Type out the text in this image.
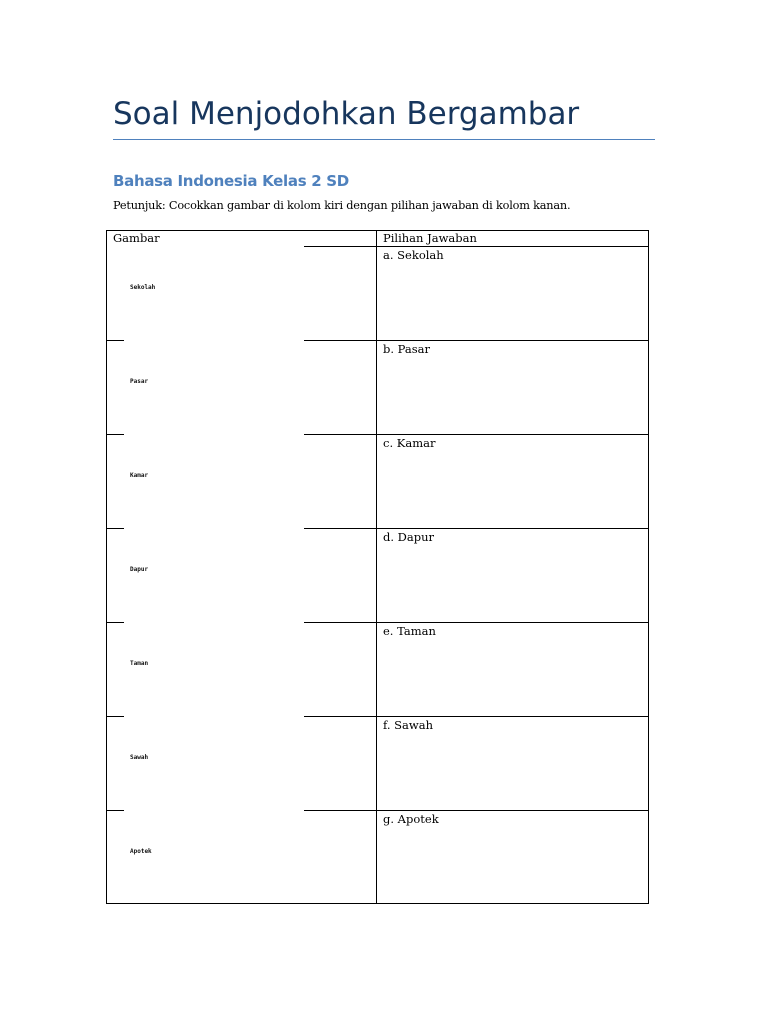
Soal Menjodohkan Bergambar
Bahasa Indonesia Kelas 2 SD

Petunjuk: Cocokkan gambar di kolom kiri dengan pilihan jawaban di kolom kanan.

Gambar	Pilihan Jawaban
Sekolah
a. Sekolah
Pasar
b. Pasar
Kamar
c. Kamar
Dapur
d. Dapur
Taman
e. Taman
Sawah
f. Sawah
Apotek
g. Apotek
